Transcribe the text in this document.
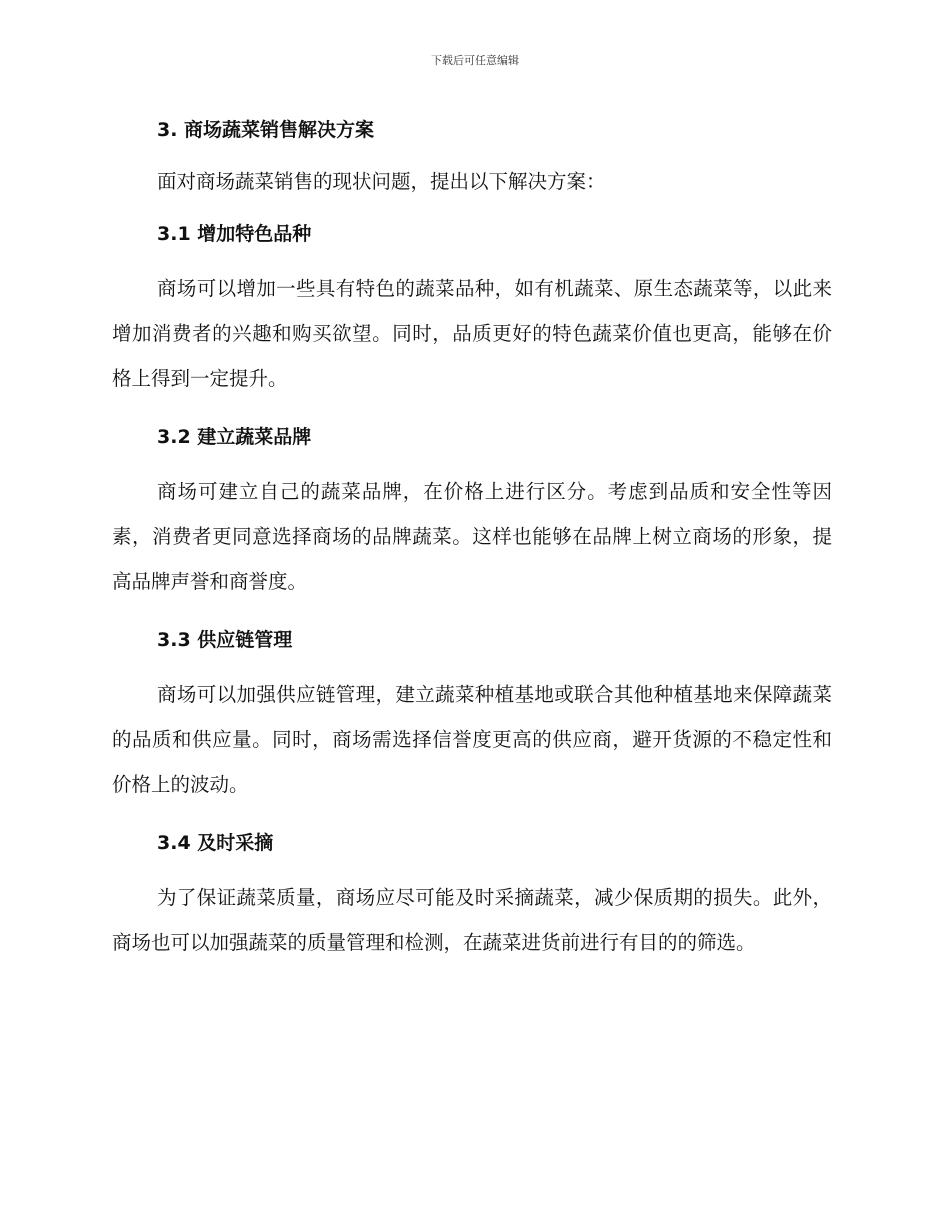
下载后可任意编辑
3. 商场蔬菜销售解决方案

面对商场蔬菜销售的现状问题，提出以下解决方案：

3.1 增加特色品种

商场可以增加一些具有特色的蔬菜品种，如有机蔬菜、原生态蔬菜等，以此来增加消费者的兴趣和购买欲望。同时，品质更好的特色蔬菜价值也更高，能够在价格上得到一定提升。

3.2 建立蔬菜品牌

商场可建立自己的蔬菜品牌，在价格上进行区分。考虑到品质和安全性等因素，消费者更同意选择商场的品牌蔬菜。这样也能够在品牌上树立商场的形象，提高品牌声誉和商誉度。

3.3 供应链管理

商场可以加强供应链管理，建立蔬菜种植基地或联合其他种植基地来保障蔬菜的品质和供应量。同时，商场需选择信誉度更高的供应商，避开货源的不稳定性和价格上的波动。

3.4 及时采摘

为了保证蔬菜质量，商场应尽可能及时采摘蔬菜，减少保质期的损失。此外，商场也可以加强蔬菜的质量管理和检测，在蔬菜进货前进行有目的的筛选。
